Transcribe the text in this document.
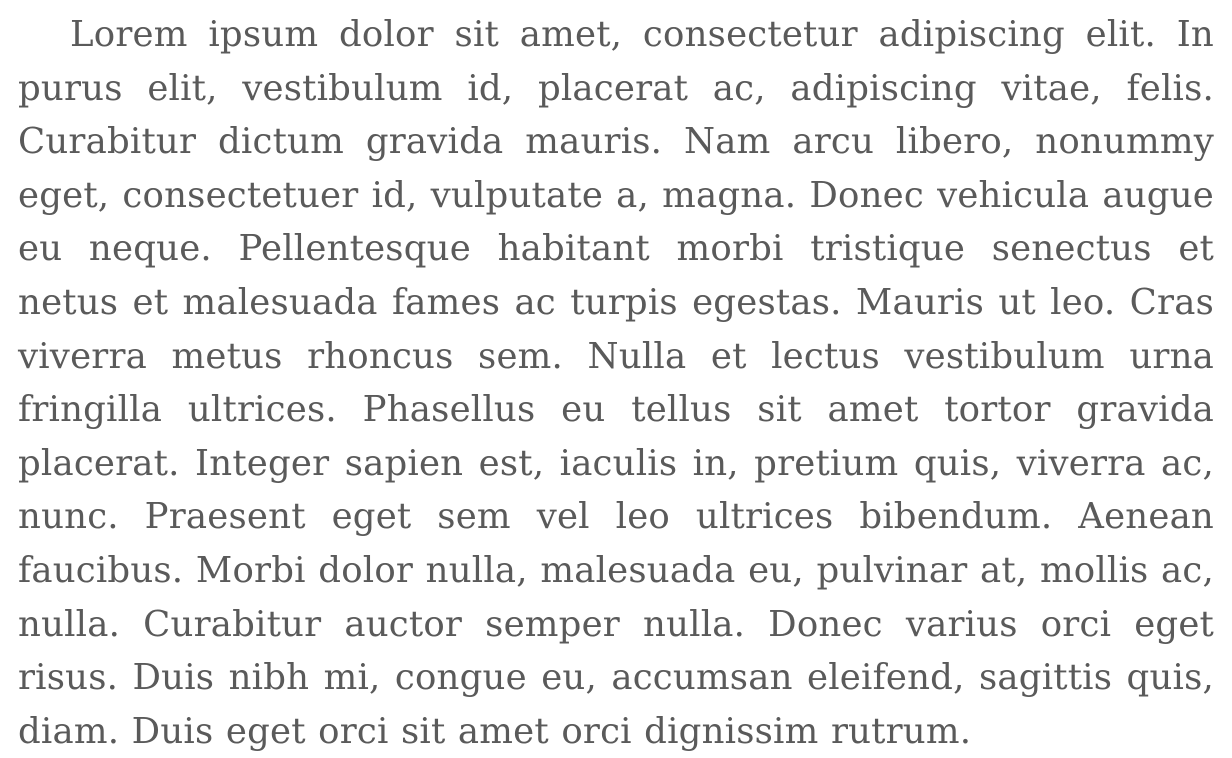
Lorem ipsum dolor sit amet, consectetur adipiscing elit. In purus elit, vestibulum id, placerat ac, adipiscing vitae, felis. Curabitur dictum gravida mauris. Nam arcu libero, nonummy eget, consectetuer id, vulputate a, magna. Donec vehicula augue eu neque. Pellentesque habitant morbi tristique senectus et netus et malesuada fames ac turpis egestas. Mauris ut leo. Cras viverra metus rhoncus sem. Nulla et lectus vestibulum urna fringilla ultrices. Phasellus eu tellus sit amet tortor gravida placerat. Integer sapien est, iaculis in, pretium quis, viverra ac, nunc. Praesent eget sem vel leo ultrices bibendum. Aenean faucibus. Morbi dolor nulla, malesuada eu, pulvinar at, mollis ac, nulla. Curabitur auctor semper nulla. Donec varius orci eget risus. Duis nibh mi, congue eu, accumsan eleifend, sagittis quis, diam. Duis eget orci sit amet orci dignissim rutrum.
